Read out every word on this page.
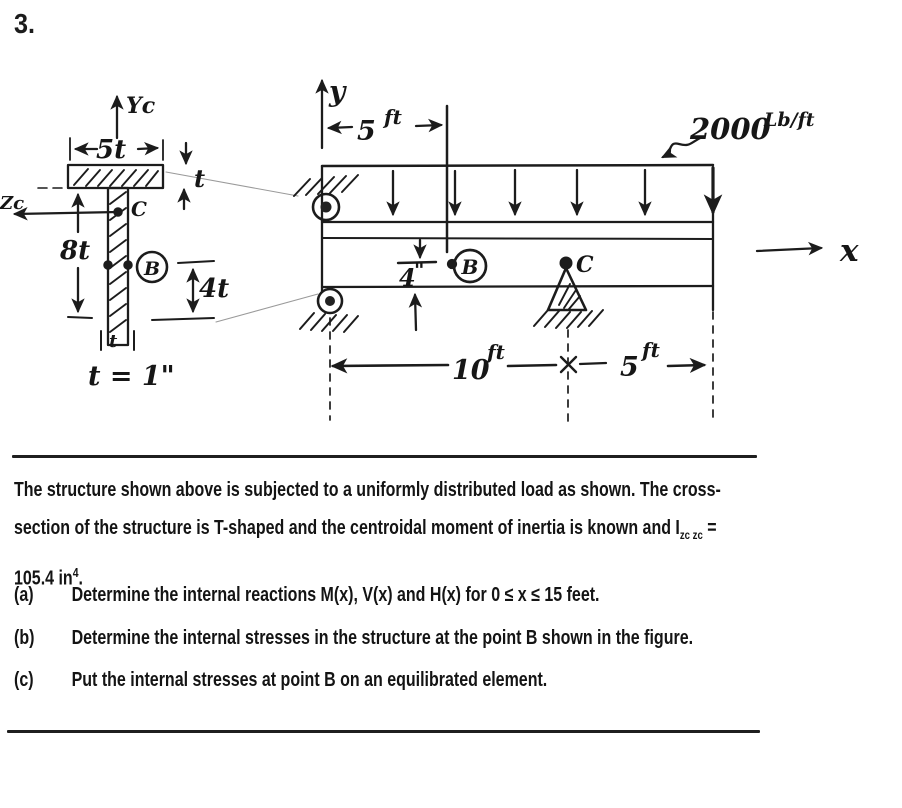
3.
Yc
Zc
5t
t
8t
C
B
4t
t
t = 1"
y
5 ft	2000
Lb/ft
4
" B	C
10
ft	5
ft
x
The structure shown above is subjected to a uniformly distributed load as shown. The cross-
section of the structure is T-shaped and the centroidal moment of inertia is known and $I_{zc zc}$ =
105.4 $in^4$.
(a)	Determine the internal reactions M(x), V(x) and H(x) for 0 ≤ x ≤ 15 feet.
(b)	Determine the internal stresses in the structure at the point B shown in the figure.
(c)	Put the internal stresses at point B on an equilibrated element.
